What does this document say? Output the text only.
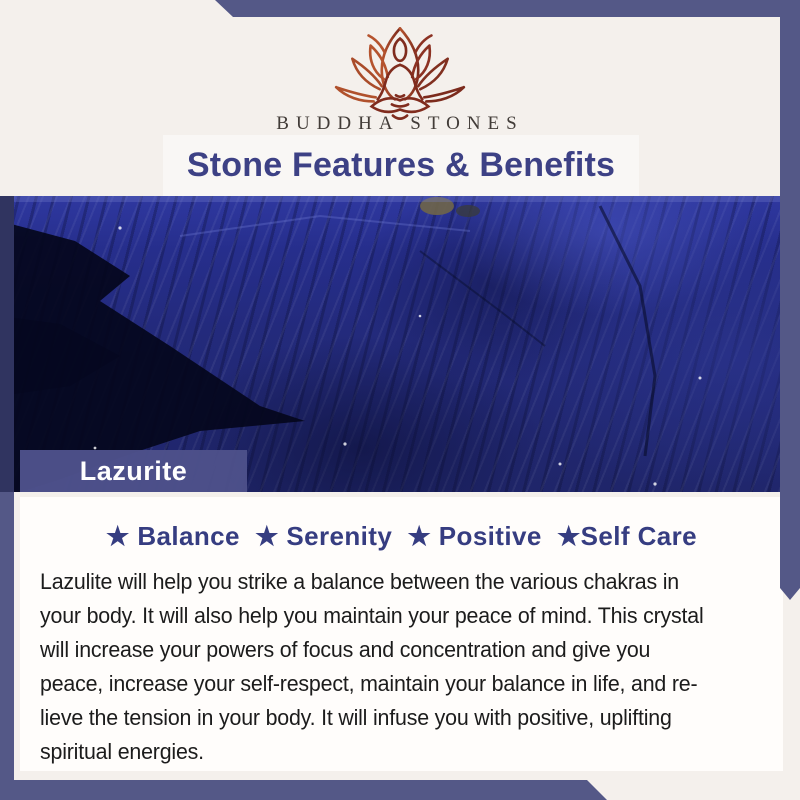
BUDDHA STONES
Stone Features & Benefits
Lazurite
★ Balance  ★ Serenity  ★ Positive  ★Self Care
Lazulite will help you strike a balance between the various chakras in
your body. It will also help you maintain your peace of mind. This crystal
will increase your powers of focus and concentration and give you
peace, increase your self-respect, maintain your balance in life, and re-
lieve the tension in your body. It will infuse you with positive, uplifting
spiritual energies.
